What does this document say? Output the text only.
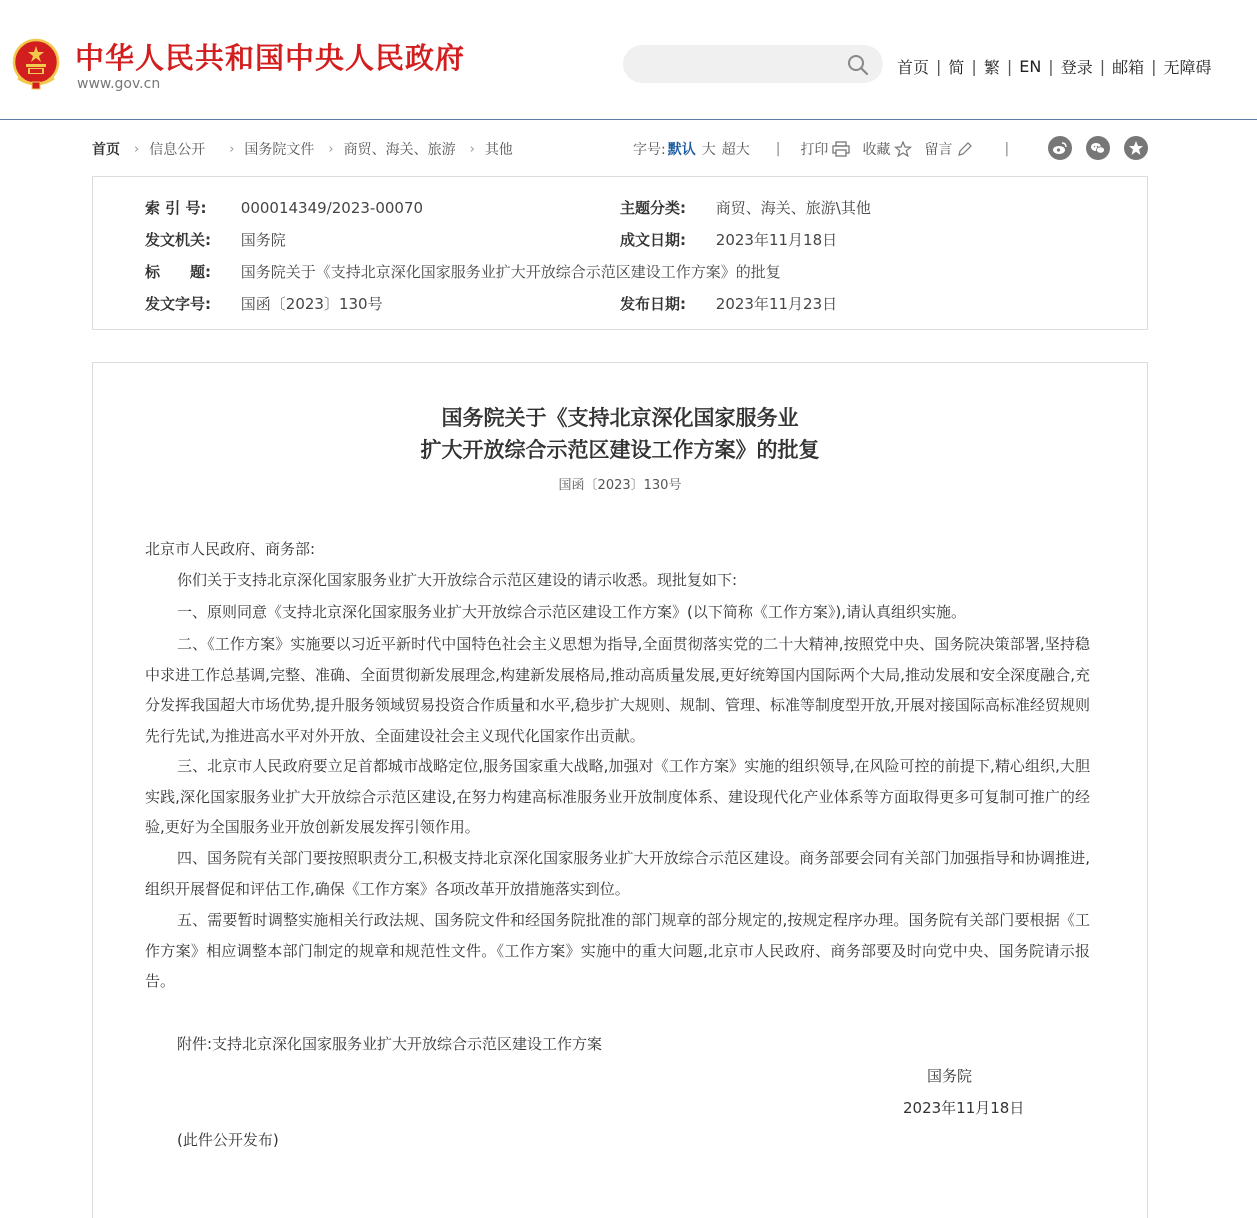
中华人民共和国中央人民政府
www.gov.cn
首页 | 简 | 繁 | EN | 登录 | 邮箱 | 无障碍
首页 › 信息公开 › 国务院文件 › 商贸、海关、旅游 › 其他	字号: 默认 大 超大 | 打印 收藏 留言	|
索 引 号: 000014349/2023-00070	主题分类: 商贸、海关、旅游\其他
发文机关: 国务院	成文日期: 2023年11月18日
标　　题: 国务院关于《支持北京深化国家服务业扩大开放综合示范区建设工作方案》的批复
发文字号: 国函〔2023〕130号	发布日期: 2023年11月23日
国务院关于《支持北京深化国家服务业
扩大开放综合示范区建设工作方案》的批复
国函〔2023〕130号
北京市人民政府、商务部:
你们关于支持北京深化国家服务业扩大开放综合示范区建设的请示收悉。现批复如下:
一、原则同意《支持北京深化国家服务业扩大开放综合示范区建设工作方案》(以下简称《工作方案》),请认真组织实施。
二、《工作方案》实施要以习近平新时代中国特色社会主义思想为指导,全面贯彻落实党的二十大精神,按照党中央、国务院决策部署,坚持稳中求进工作总基调,完整、准确、全面贯彻新发展理念,构建新发展格局,推动高质量发展,更好统筹国内国际两个大局,推动发展和安全深度融合,充分发挥我国超大市场优势,提升服务领域贸易投资合作质量和水平,稳步扩大规则、规制、管理、标准等制度型开放,开展对接国际高标准经贸规则先行先试,为推进高水平对外开放、全面建设社会主义现代化国家作出贡献。
三、北京市人民政府要立足首都城市战略定位,服务国家重大战略,加强对《工作方案》实施的组织领导,在风险可控的前提下,精心组织,大胆实践,深化国家服务业扩大开放综合示范区建设,在努力构建高标准服务业开放制度体系、建设现代化产业体系等方面取得更多可复制可推广的经验,更好为全国服务业开放创新发展发挥引领作用。
四、国务院有关部门要按照职责分工,积极支持北京深化国家服务业扩大开放综合示范区建设。商务部要会同有关部门加强指导和协调推进,组织开展督促和评估工作,确保《工作方案》各项改革开放措施落实到位。
五、需要暂时调整实施相关行政法规、国务院文件和经国务院批准的部门规章的部分规定的,按规定程序办理。国务院有关部门要根据《工作方案》相应调整本部门制定的规章和规范性文件。《工作方案》实施中的重大问题,北京市人民政府、商务部要及时向党中央、国务院请示报告。
附件:支持北京深化国家服务业扩大开放综合示范区建设工作方案
国务院
2023年11月18日
(此件公开发布)
